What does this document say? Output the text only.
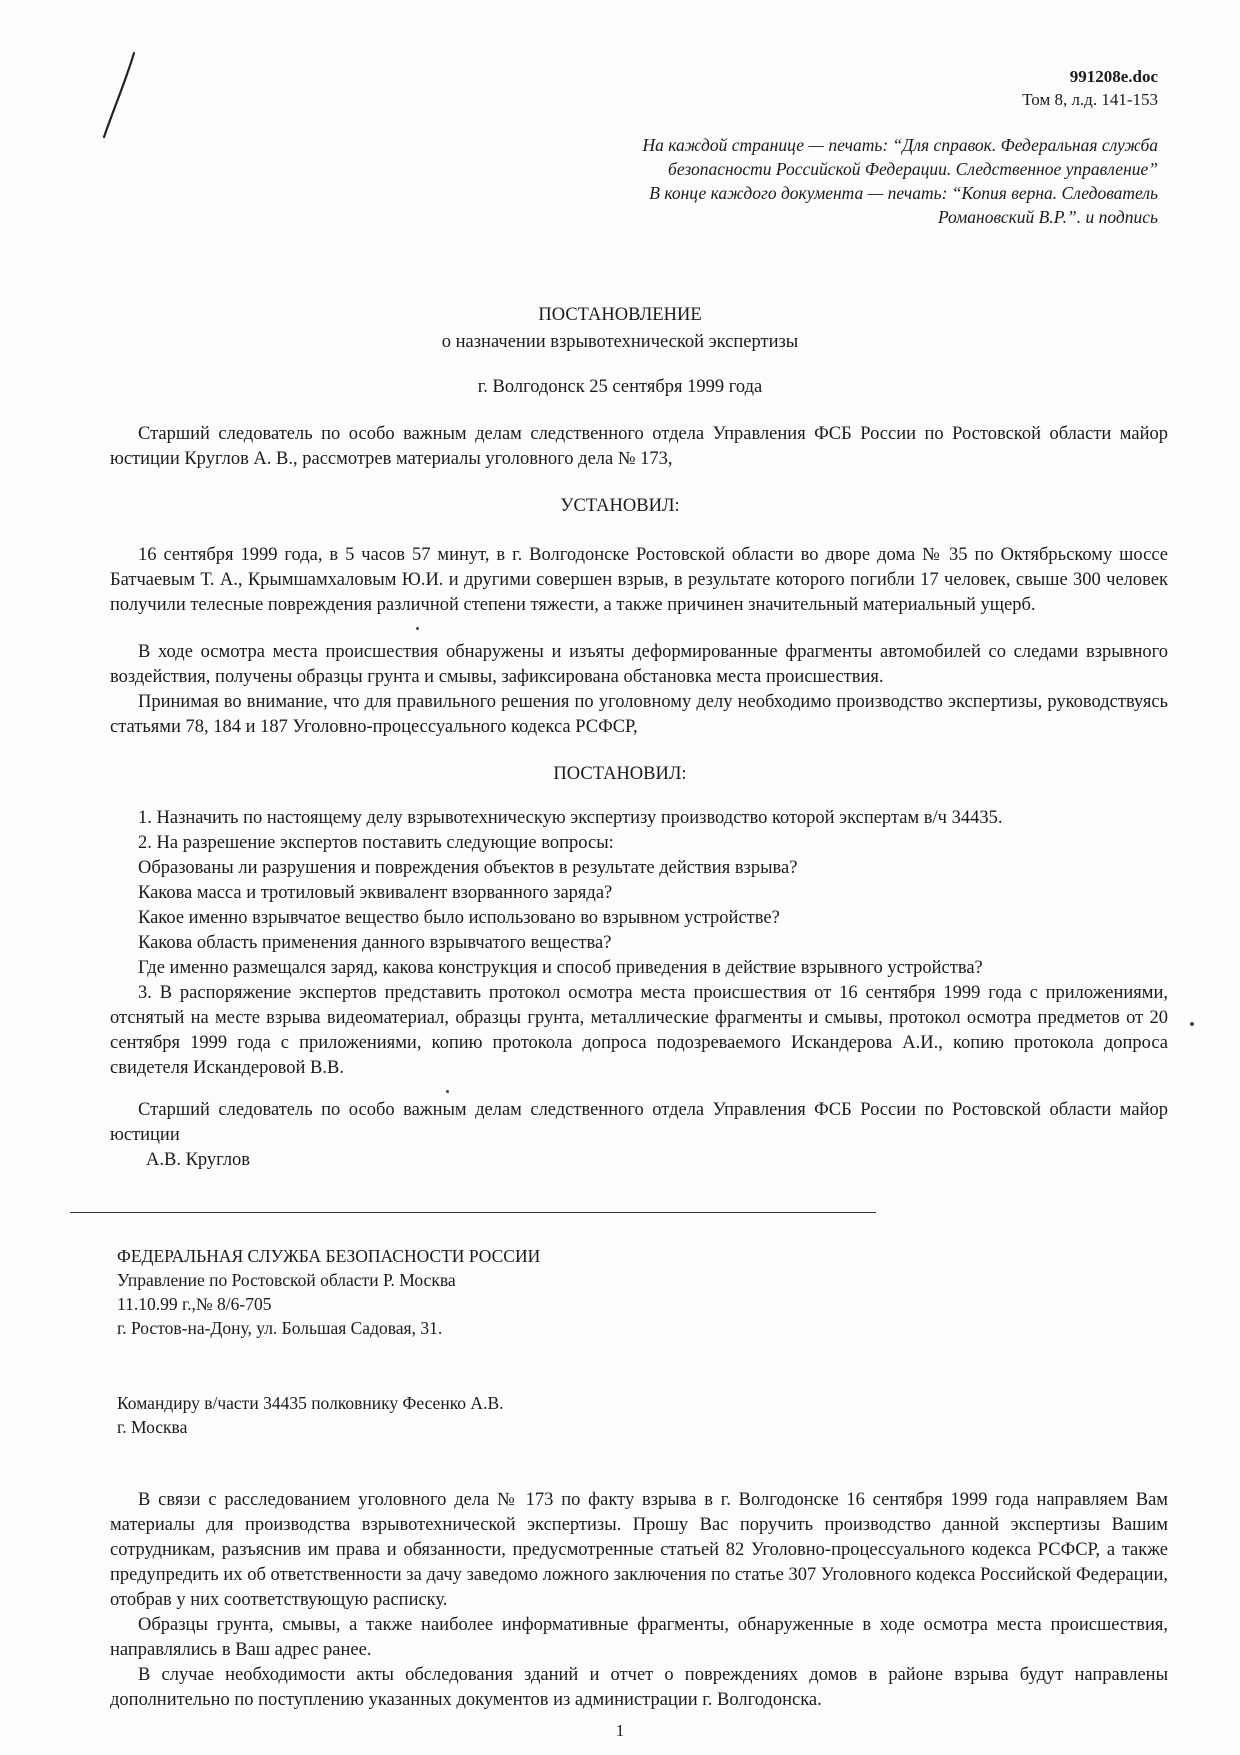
991208e.doc
Том 8, л.д. 141-153
На каждой странице — печать: “Для справок. Федеральная служба
безопасности Российской Федерации. Следственное управление”
В конце каждого документа — печать: “Копия верна. Следователь
Романовский В.Р.”. и подпись
ПОСТАНОВЛЕНИЕ
о назначении взрывотехнической экспертизы
г. Волгодонск 25 сентября 1999 года
Старший следователь по особо важным делам следственного отдела Управления ФСБ России по Ростовской области майор юстиции Круглов А. В., рассмотрев материалы уголовного дела № 173,
УСТАНОВИЛ:
16 сентября 1999 года, в 5 часов 57 минут, в г. Волгодонске Ростовской области во дворе дома № 35 по Октябрьскому шоссе Батчаевым Т. А., Крымшамхаловым Ю.И. и другими совершен взрыв, в результате которого погибли 17 человек, свыше 300 человек получили телесные повреждения различной степени тяжести, а также причинен значительный материальный ущерб.
В ходе осмотра места происшествия обнаружены и изъяты деформированные фрагменты автомобилей со следами взрывного воздействия, получены образцы грунта и смывы, зафиксирована обстановка места происшествия.
Принимая во внимание, что для правильного решения по уголовному делу необходимо производство экспертизы, руководствуясь статьями 78, 184 и 187 Уголовно-процессуального кодекса РСФСР,
ПОСТАНОВИЛ:
1. Назначить по настоящему делу взрывотехническую экспертизу производство которой экспертам в/ч 34435.
2. На разрешение экспертов поставить следующие вопросы:
Образованы ли разрушения и повреждения объектов в результате действия взрыва?
Какова масса и тротиловый эквивалент взорванного заряда?
Какое именно взрывчатое вещество было использовано во взрывном устройстве?
Какова область применения данного взрывчатого вещества?
Где именно размещался заряд, какова конструкция и способ приведения в действие взрывного устройства?
3. В распоряжение экспертов представить протокол осмотра места происшествия от 16 сентября 1999 года с приложениями, отснятый на месте взрыва видеоматериал, образцы грунта, металлические фрагменты и смывы, протокол осмотра предметов от 20 сентября 1999 года с приложениями, копию протокола допроса подозреваемого Искандерова А.И., копию протокола допроса свидетеля Искандеровой В.В.
Старший следователь по особо важным делам следственного отдела Управления ФСБ России по Ростовской области майор юстиции
А.В. Круглов
ФЕДЕРАЛЬНАЯ СЛУЖБА БЕЗОПАСНОСТИ РОССИИ
Управление по Ростовской области Р. Москва
11.10.99 г.,№ 8/6-705
г. Ростов-на-Дону, ул. Большая Садовая, 31.
Командиру в/части 34435 полковнику Фесенко А.В.
г. Москва

В связи с расследованием уголовного дела № 173 по факту взрыва в г. Волгодонске 16 сентября 1999 года направляем Вам материалы для производства взрывотехнической экспертизы. Прошу Вас поручить производство данной экспертизы Вашим сотрудникам, разъяснив им права и обязанности, предусмотренные статьей 82 Уголовно-процессуального кодекса РСФСР, а также предупредить их об ответственности за дачу заведомо ложного заключения по статье 307 Уголовного кодекса Российской Федерации, отобрав у них соответствующую расписку.

Образцы грунта, смывы, а также наиболее информативные фрагменты, обнаруженные в ходе осмотра места происшествия, направлялись в Ваш адрес ранее.

В случае необходимости акты обследования зданий и отчет о повреждениях домов в районе взрыва будут направлены дополнительно по поступлению указанных документов из администрации г. Волгодонска.

1
